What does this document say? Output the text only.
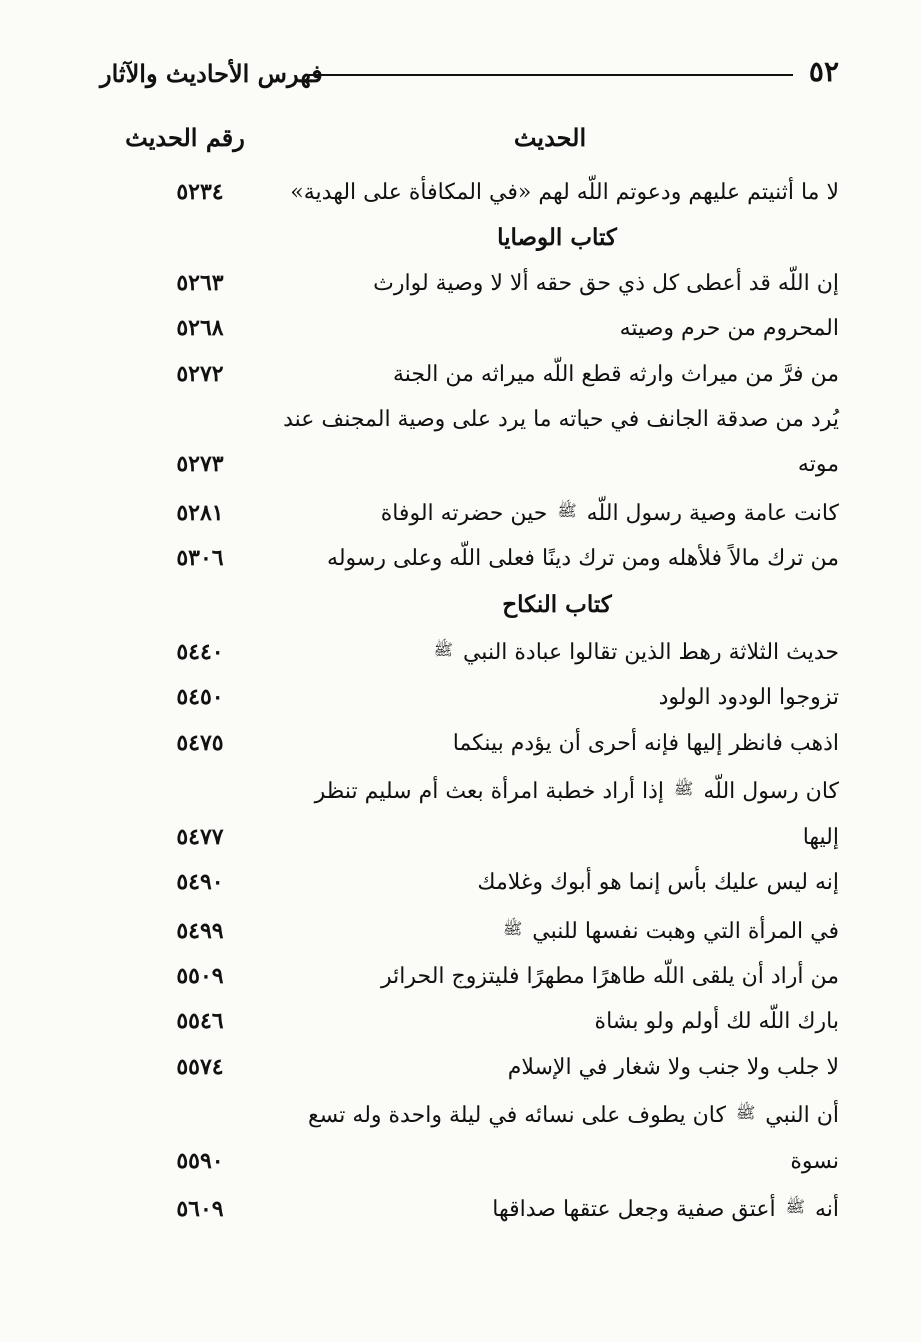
٥٢
فهرس الأحاديث والآثار
الحديث
رقم الحديث
لا ما أثنيتم عليهم ودعوتم اللّه لهم «في المكافأة على الهدية»
٥٢٣٤
كتاب الوصايا
إن اللّه قد أعطى كل ذي حق حقه ألا لا وصية لوارث
٥٢٦٣
المحروم من حرم وصيته
٥٢٦٨
من فرَّ من ميراث وارثه قطع اللّه ميراثه من الجنة
٥٢٧٢
يُرد من صدقة الجانف في حياته ما يرد على وصية المجنف عند
موته
٥٢٧٣
كانت عامة وصية رسول اللّه ﷺ حين حضرته الوفاة
٥٢٨١
من ترك مالاً فلأهله ومن ترك دينًا فعلى اللّه وعلى رسوله
٥٣٠٦
كتاب النكاح
حديث الثلاثة رهط الذين تقالوا عبادة النبي ﷺ
٥٤٤٠
تزوجوا الودود الولود
٥٤٥٠
اذهب فانظر إليها فإنه أحرى أن يؤدم بينكما
٥٤٧٥
كان رسول اللّه ﷺ إذا أراد خطبة امرأة بعث أم سليم تنظر
إليها
٥٤٧٧
إنه ليس عليك بأس إنما هو أبوك وغلامك
٥٤٩٠
في المرأة التي وهبت نفسها للنبي ﷺ
٥٤٩٩
من أراد أن يلقى اللّه طاهرًا مطهرًا فليتزوج الحرائر
٥٥٠٩
بارك اللّه لك أولم ولو بشاة
٥٥٤٦
لا جلب ولا جنب ولا شغار في الإسلام
٥٥٧٤
أن النبي ﷺ كان يطوف على نسائه في ليلة واحدة وله تسع
نسوة
٥٥٩٠
أنه ﷺ أعتق صفية وجعل عتقها صداقها
٥٦٠٩
